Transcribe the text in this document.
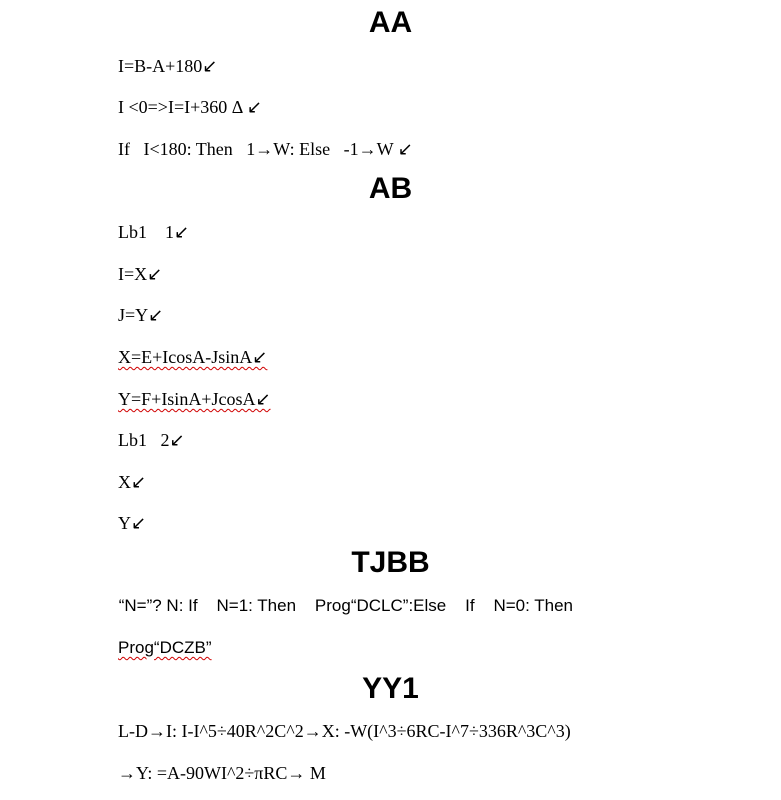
AA
I=B-A+180↙
I <0=>I=I+360 Δ ↙
If   I<180: Then   1→W: Else   -1→W ↙
AB
Lb1    1↙
I=X↙
J=Y↙
X=E+IcosA-JsinA↙
Y=F+IsinA+JcosA↙
Lb1   2↙
X↙
Y↙
TJBB
“N=”? N: If    N=1: Then    Prog“DCLC”:Else    If    N=0: Then
Prog“DCZB”
YY1
L-D→I: I-I^5÷40R^2C^2→X: -W(I^3÷6RC-I^7÷336R^3C^3)
→Y: =A-90WI^2÷πRC→ M
